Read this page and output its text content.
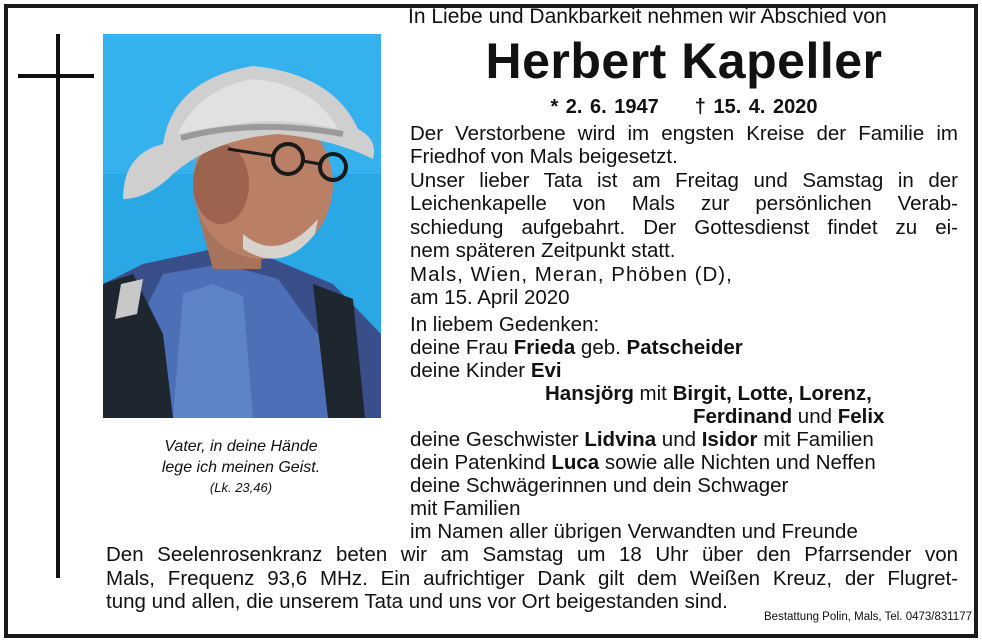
Vater, in deine Hände
lege ich meinen Geist.
(Lk. 23,46)
In Liebe und Dankbarkeit nehmen wir Abschied von
Herbert Kapeller
* 2. 6. 1947 † 15. 4. 2020
Der Verstorbene wird im engsten Kreise der Familie im
Friedhof von Mals beigesetzt.
Unser lieber Tata ist am Freitag und Samstag in der
Leichenkapelle von Mals zur persönlichen Verab-
schiedung aufgebahrt. Der Gottesdienst findet zu ei-
nem späteren Zeitpunkt statt.
Mals, Wien, Meran, Phöben (D),
am 15. April 2020
In liebem Gedenken:
deine Frau Frieda geb. Patscheider
deine Kinder Evi
Hansjörg mit Birgit, Lotte, Lorenz,
Ferdinand und Felix
deine Geschwister Lidvina und Isidor mit Familien
dein Patenkind Luca sowie alle Nichten und Neffen
deine Schwägerinnen und dein Schwager
mit Familien
im Namen aller übrigen Verwandten und Freunde
Den Seelenrosenkranz beten wir am Samstag um 18 Uhr über den Pfarrsender von
Mals, Frequenz 93,6 MHz. Ein aufrichtiger Dank gilt dem Weißen Kreuz, der Flugret-
tung und allen, die unserem Tata und uns vor Ort beigestanden sind.
Bestattung Polin, Mals, Tel. 0473/831177
